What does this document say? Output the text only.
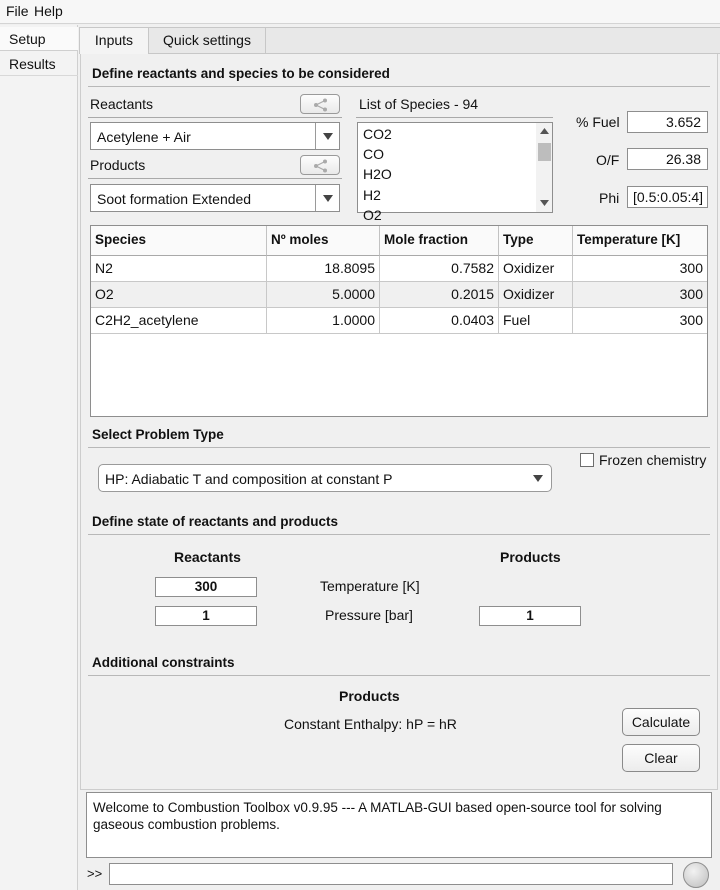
File Help
Setup
Results
Inputs	Quick settings
Define reactants and species to be considered
Reactants
Acetylene + Air
Products
Soot formation Extended
List of Species - 94
CO2
CO
H2O
H2
O2
% Fuel	3.652
O/F	26.38
Phi [0.5:0.05:4]
Species	Nº moles	Mole fraction	Type	Temperature [K]
N2	18.8095	0.7582 Oxidizer	300
O2	5.0000	0.2015 Oxidizer	300
C2H2_acetylene	1.0000	0.0403 Fuel	300
Select Problem Type
Frozen chemistry
HP: Adiabatic T and composition at constant P
Define state of reactants and products
Reactants	Products
300	Temperature [K]
1	Pressure [bar]	1
Additional constraints
Products
Constant Enthalpy: hP = hR	Calculate
Clear
Welcome to Combustion Toolbox v0.9.95 --- A MATLAB-GUI based open-source tool for solving gaseous combustion problems.
>>
